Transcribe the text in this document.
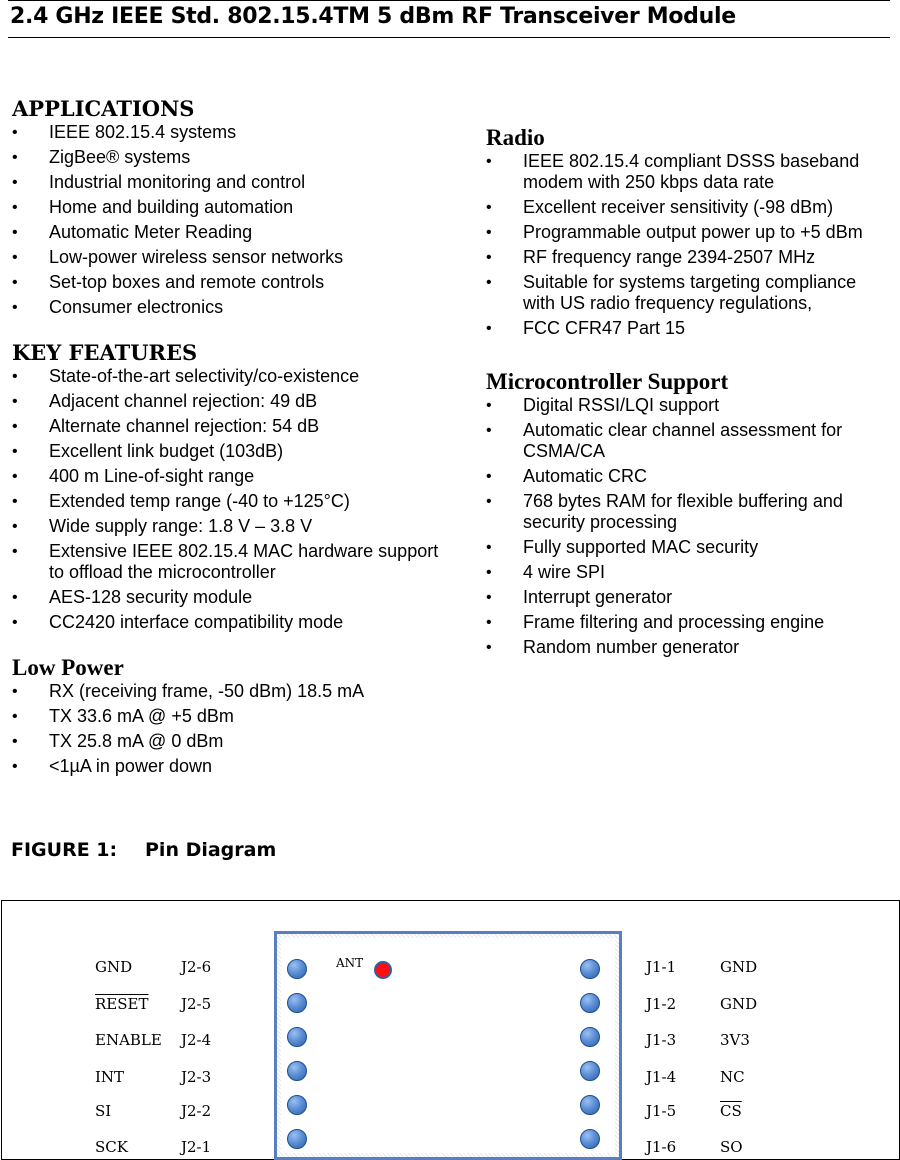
2.4 GHz IEEE Std. 802.15.4TM 5 dBm RF Transceiver Module
APPLICATIONS
• IEEE 802.15.4 systems
• ZigBee® systems
• Industrial monitoring and control
• Home and building automation
• Automatic Meter Reading
• Low-power wireless sensor networks
• Set-top boxes and remote controls
• Consumer electronics
KEY FEATURES
• State-of-the-art selectivity/co-existence
• Adjacent channel rejection: 49 dB
• Alternate channel rejection: 54 dB
• Excellent link budget (103dB)
• 400 m Line-of-sight range
• Extended temp range (-40 to +125°C)
• Wide supply range: 1.8 V – 3.8 V
• Extensive IEEE 802.15.4 MAC hardware support to offload the microcontroller
• AES-128 security module
• CC2420 interface compatibility mode
Low Power
• RX (receiving frame, -50 dBm) 18.5 mA
• TX 33.6 mA @ +5 dBm
• TX 25.8 mA @ 0 dBm
• <1µA in power down
Radio
• IEEE 802.15.4 compliant DSSS baseband modem with 250 kbps data rate
• Excellent receiver sensitivity (-98 dBm)
• Programmable output power up to +5 dBm
• RF frequency range 2394-2507 MHz
• Suitable for systems targeting compliance with US radio frequency regulations,
• FCC CFR47 Part 15
Microcontroller Support
• Digital RSSI/LQI support
• Automatic clear channel assessment for CSMA/CA
• Automatic CRC
• 768 bytes RAM for flexible buffering and security processing
• Fully supported MAC security
• 4 wire SPI
• Interrupt generator
• Frame filtering and processing engine
• Random number generator
FIGURE 1: Pin Diagram
GND	J2-6
RESET J2-5
ENABLE J2-4
INT	J2-3
SI	J2-2
SCK	J2-1
J1-1	GND
J1-2	GND
J1-3	3V3
J1-4	NC
J1-5	$\overline{CS}$
J1-6	SO
ANT
